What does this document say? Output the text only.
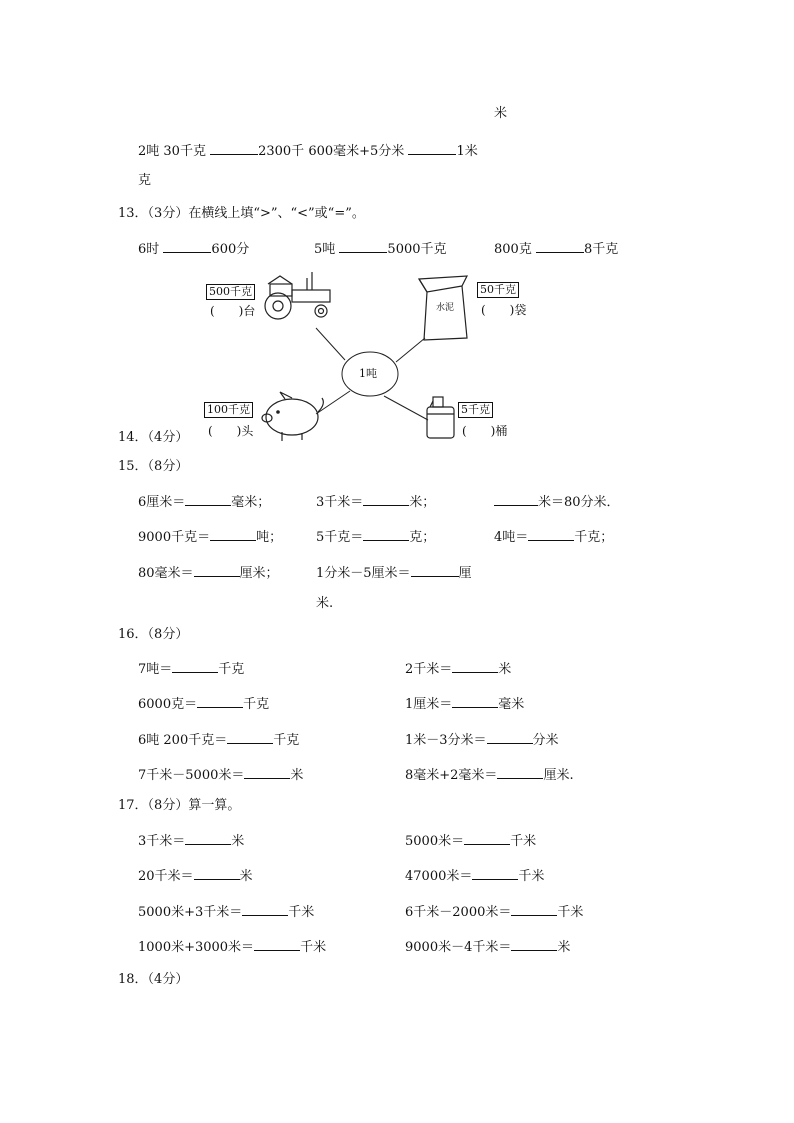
米
2吨 30千克	2300千 600毫米+5分米	1米
克
13．（3分）在横线上填“>”、“<”或“=”。
6时	600分	5吨	5000千克	800克	8千克
1吨
水泥
500千克
(　　)台
50千克
(　　)袋
100千克
(　　)头
5千克
(　　)桶
14．（4分）
15．（8分）
6厘米＝	毫米；	3千米＝	米；	米＝80分米．
9000千克＝	吨；	5千克＝	克；	4吨＝	千克；
80毫米＝	厘米；	1分米－5厘米＝	厘
米.
16．（8分）
7吨＝	千克	2千米＝	米
6000克＝	千克	1厘米＝	毫米
6吨 200千克＝	千克	1米－3分米＝	分米
7千米－5000米＝	米	8毫米+2毫米＝	厘米.
17．（8分）算一算。
3千米＝	米	5000米＝	千米
20千米＝	米	47000米＝	千米
5000米+3千米＝	千米	6千米－2000米＝	千米
1000米+3000米＝	千米	9000米－4千米＝	米
18．（4分）
